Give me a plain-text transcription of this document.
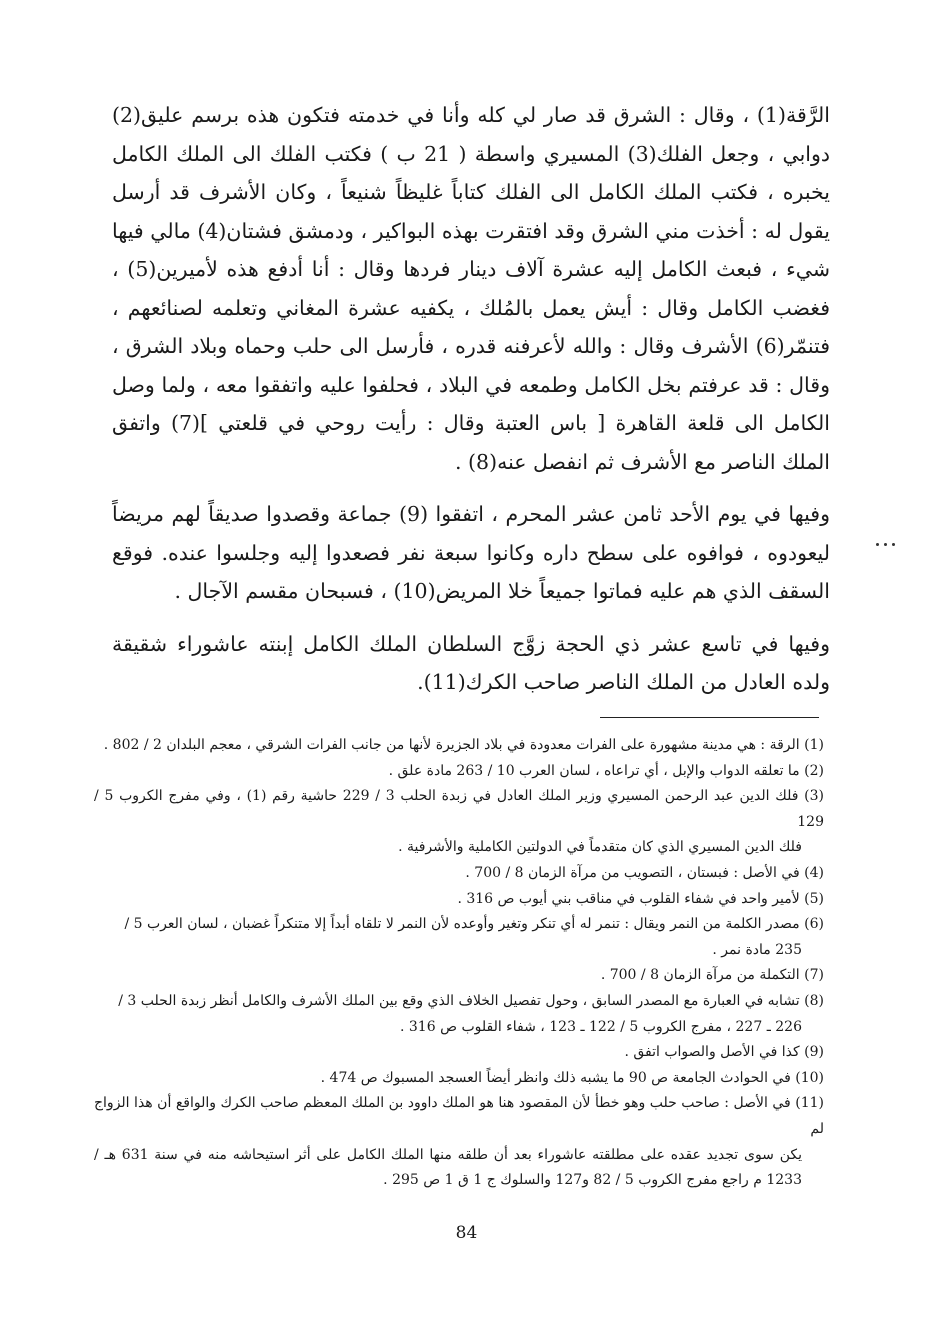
الرَّقة(1) ، وقال : الشرق قد صار لي كله وأنا في خدمته فتكون هذه برسم عليق(2) دوابي ، وجعل الفلك(3) المسيري واسطة ( 21 ب ) فكتب الفلك الى الملك الكامل يخبره ، فكتب الملك الكامل الى الفلك كتاباً غليظاً شنيعاً ، وكان الأشرف قد أرسل يقول له : أخذت مني الشرق وقد افتقرت بهذه البواكير ، ودمشق فشتان(4) مالي فيها شيء ، فبعث الكامل إليه عشرة آلاف دينار فردها وقال : أنا أدفع هذه لأميرين(5) ، فغضب الكامل وقال : أيش يعمل بالمُلك ، يكفيه عشرة المغاني وتعلمه لصنائعهم ، فتنمّر(6) الأشرف وقال : والله لأعرفنه قدره ، فأرسل الى حلب وحماه وبلاد الشرق ، وقال : قد عرفتم بخل الكامل وطمعه في البلاد ، فحلفوا عليه واتفقوا معه ، ولما وصل الكامل الى قلعة القاهرة [ باس العتبة وقال : رأيت روحي في قلعتي ](7) واتفق الملك الناصر مع الأشرف ثم انفصل عنه(8) .

وفيها في يوم الأحد ثامن عشر المحرم ، اتفقوا (9) جماعة وقصدوا صديقاً لهم مريضاً ليعودوه ، فوافوه على سطح داره وكانوا سبعة نفر فصعدوا إليه وجلسوا عنده. فوقع السقف الذي هم عليه فماتوا جميعاً خلا المريض(10) ، فسبحان مقسم الآجال .

وفيها في تاسع عشر ذي الحجة زوَّج السلطان الملك الكامل إبنته عاشوراء شقيقة ولده العادل من الملك الناصر صاحب الكرك(11).

(1) الرقة : هي مدينة مشهورة على الفرات معدودة في بلاد الجزيرة لأنها من جانب الفرات الشرقي ، معجم البلدان 2 / 802 .

(2) ما تعلقه الدواب والإبل ، أي تراعاه ، لسان العرب 10 / 263 مادة علق .

(3) فلك الدين عبد الرحمن المسيري وزير الملك العادل في زبدة الحلب 3 / 229 حاشية رقم (1) ، وفي مفرج الكروب 5 / 129
فلك الدين المسيري الذي كان متقدماً في الدولتين الكاملية والأشرفية .

(4) في الأصل : فبستان ، التصويب من مرآة الزمان 8 / 700 .

(5) لأمير واحد في شفاء القلوب في مناقب بني أيوب ص 316 .

(6) مصدر الكلمة من النمر ويقال : تنمر له أي تنكر وتغير وأوعده لأن النمر لا تلقاه أبداً إلا متنكراً غضبان ، لسان العرب 5 /
235 مادة نمر .

(7) التكملة من مرآة الزمان 8 / 700 .

(8) تشابه في العبارة مع المصدر السابق ، وحول تفصيل الخلاف الذي وقع بين الملك الأشرف والكامل أنظر زبدة الحلب 3 /
226 ـ 227 ، مفرج الكروب 5 / 122 ـ 123 ، شفاء القلوب ص 316 .

(9) كذا في الأصل والصواب اتفق .

(10) في الحوادث الجامعة ص 90 ما يشبه ذلك وانظر أيضاً العسجد المسبوك ص 474 .

(11) في الأصل : صاحب حلب وهو خطأ لأن المقصود هنا هو الملك داوود بن الملك المعظم صاحب الكرك والواقع أن هذا الزواج لم
يكن سوى تجديد عقده على مطلقته عاشوراء بعد أن طلقه منها الملك الكامل على أثر استيحاشه منه في سنة 631 هـ / 1233 م راجع مفرج الكروب 5 / 82 و127 والسلوك ج 1 ق 1 ص 295 .

84
